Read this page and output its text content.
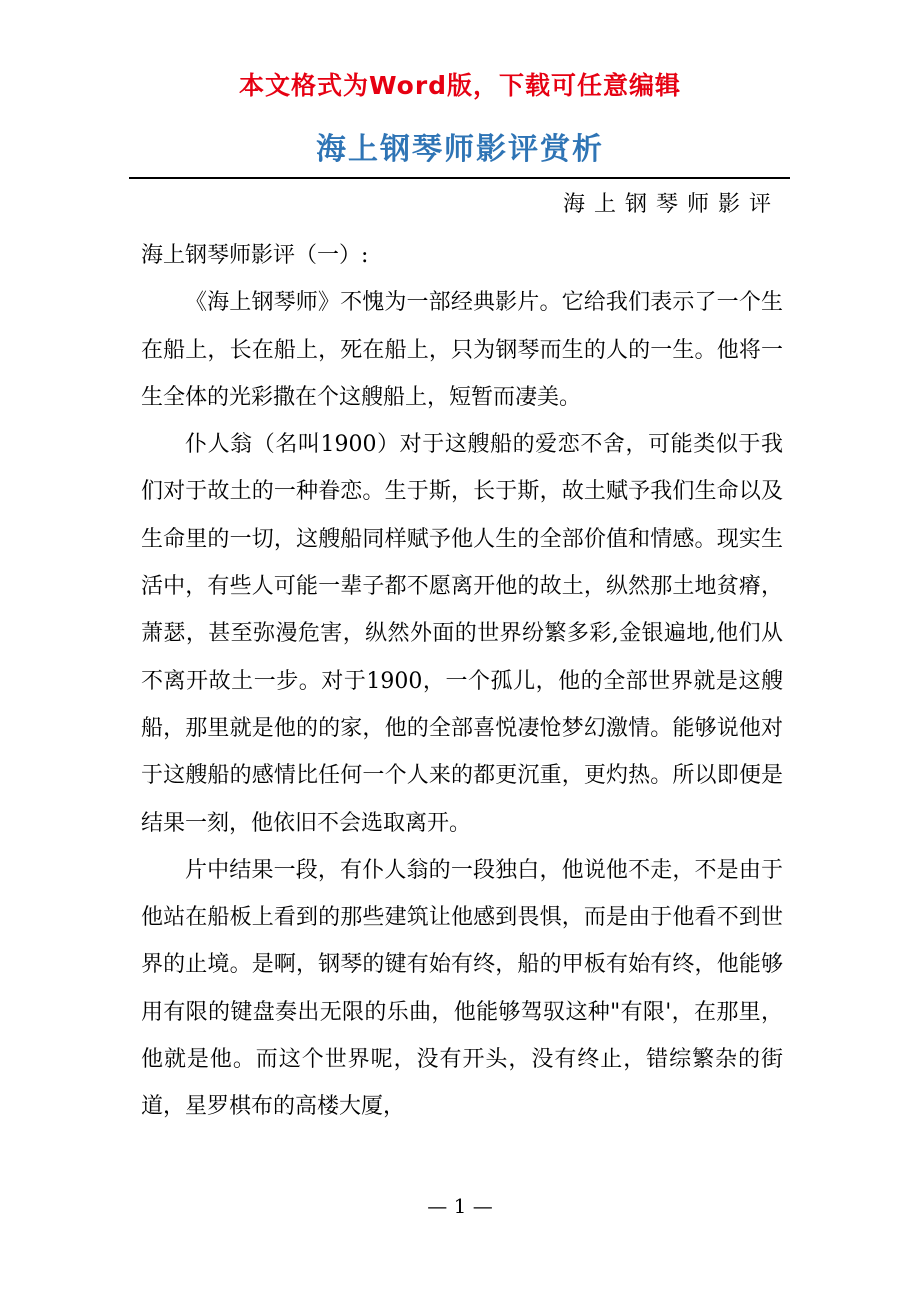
本文格式为Word版，下载可任意编辑
海上钢琴师影评赏析
海上钢琴师影评

海上钢琴师影评（一）:

《海上钢琴师》不愧为一部经典影片。它给我们表示了一个生在船上，长在船上，死在船上，只为钢琴而生的人的一生。他将一生全体的光彩撒在个这艘船上，短暂而凄美。

仆人翁（名叫1900）对于这艘船的爱恋不舍，可能类似于我们对于故土的一种眷恋。生于斯，长于斯，故土赋予我们生命以及生命里的一切，这艘船同样赋予他人生的全部价值和情感。现实生活中，有些人可能一辈子都不愿离开他的故土，纵然那土地贫瘠，萧瑟，甚至弥漫危害，纵然外面的世界纷繁多彩,金银遍地,他们从不离开故土一步。对于1900，一个孤儿，他的全部世界就是这艘船，那里就是他的的家，他的全部喜悦凄怆梦幻激情。能够说他对于这艘船的感情比任何一个人来的都更沉重，更灼热。所以即便是结果一刻，他依旧不会选取离开。

片中结果一段，有仆人翁的一段独白，他说他不走，不是由于他站在船板上看到的那些建筑让他感到畏惧，而是由于他看不到世界的止境。是啊，钢琴的键有始有终，船的甲板有始有终，他能够用有限的键盘奏出无限的乐曲，他能够驾驭这种"有限'，在那里，他就是他。而这个世界呢，没有开头，没有终止，错综繁杂的街道，星罗棋布的高楼大厦，

— 1 —
